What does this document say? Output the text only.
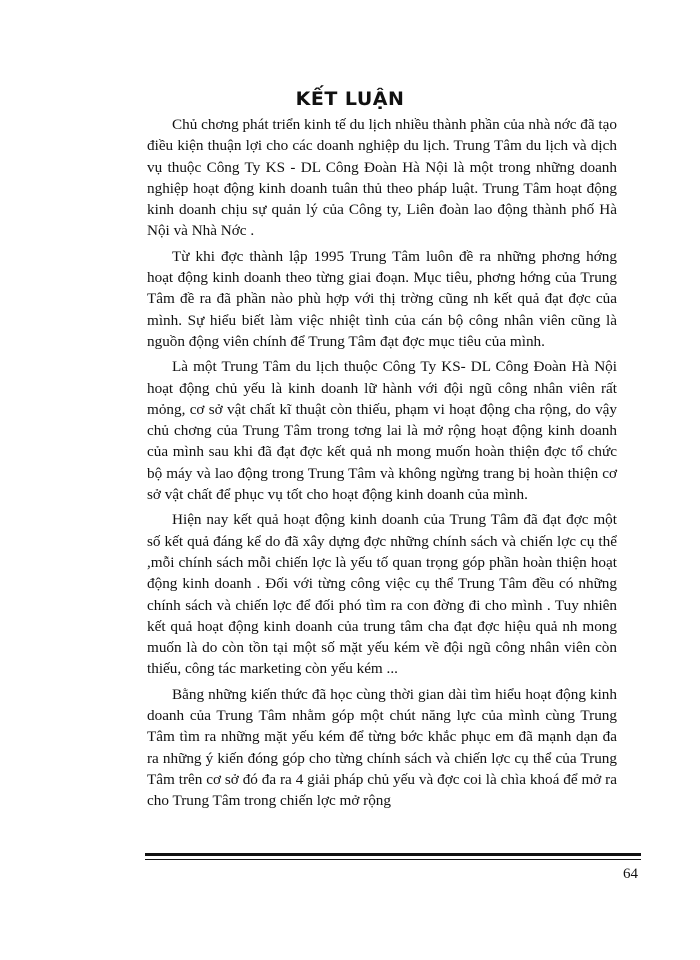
KẾT LUẬN

Chủ chơng phát triển kinh tế du lịch nhiều thành phần của nhà nớc đã tạo điều kiện thuận lợi cho các doanh nghiệp du lịch. Trung Tâm du lịch và dịch vụ thuộc Công Ty KS - DL Công Đoàn Hà Nội là một trong những doanh nghiệp hoạt động kinh doanh tuân thủ theo pháp luật. Trung Tâm hoạt động kinh doanh chịu sự quản lý của Công ty, Liên đoàn lao động thành phố Hà Nội và Nhà Nớc .

Từ khi đợc thành lập 1995 Trung Tâm luôn đề ra những phơng hớng hoạt động kinh doanh theo từng giai đoạn. Mục tiêu, phơng hớng của Trung Tâm đề ra đã phần nào phù hợp với thị trờng cũng nh kết quả đạt đợc của mình. Sự hiểu biết làm việc nhiệt tình của cán bộ công nhân viên cũng là nguồn động viên chính để Trung Tâm đạt đợc mục tiêu của mình.

Là một Trung Tâm du lịch thuộc Công Ty KS- DL Công Đoàn Hà Nội hoạt động chủ yếu là kinh doanh lữ hành với đội ngũ công nhân viên rất mỏng, cơ sở vật chất kĩ thuật còn thiếu, phạm vi hoạt động cha rộng, do vậy chủ chơng của Trung Tâm trong tơng lai là mở rộng hoạt động kinh doanh của mình sau khi đã đạt đợc kết quả nh mong muốn hoàn thiện đợc tổ chức bộ máy và lao động trong Trung Tâm và không ngừng trang bị hoàn thiện cơ sở vật chất để phục vụ tốt cho hoạt động kinh doanh của mình.

Hiện nay kết quả hoạt động kinh doanh của Trung Tâm đã đạt đợc một số kết quả đáng kể do đã xây dựng đợc những chính sách và chiến lợc cụ thể ,mỗi chính sách mỗi chiến lợc là yếu tố quan trọng góp phần hoàn thiện hoạt động kinh doanh . Đối với từng công việc cụ thể Trung Tâm đều có những chính sách và chiến lợc để đối phó tìm ra con đờng đi cho mình . Tuy nhiên kết quả hoạt động kinh doanh của trung tâm cha đạt đợc hiệu quả nh mong muốn là do còn tồn tại một số mặt yếu kém về đội ngũ công nhân viên còn thiếu, công tác marketing còn yếu kém ...

Bằng những kiến thức đã học cùng thời gian dài tìm hiểu hoạt động kinh doanh của Trung Tâm nhằm góp một chút năng lực của mình cùng Trung Tâm tìm ra những mặt yếu kém để từng bớc khắc phục em đã mạnh dạn đa ra những ý kiến đóng góp cho từng chính sách và chiến lợc cụ thể của Trung Tâm trên cơ sở đó đa ra 4 giải pháp chủ yếu và đợc coi là chìa khoá để mở ra cho Trung Tâm trong chiến lợc mở rộng

64
